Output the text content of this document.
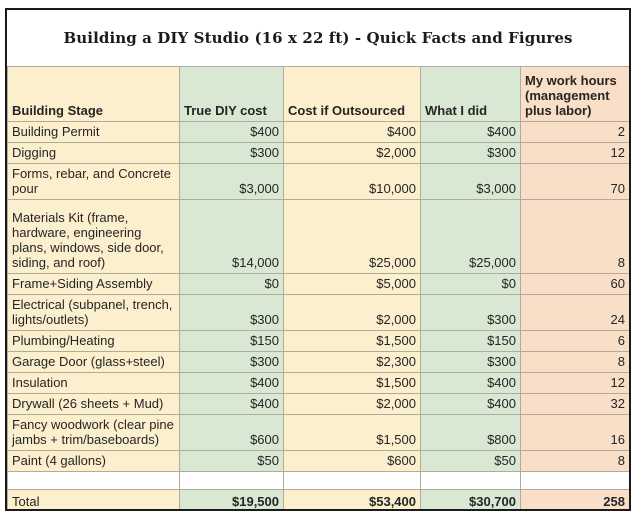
Building a DIY Studio (16 x 22 ft) - Quick Facts and Figures
Building Stage	True DIY cost	Cost if Outsourced	What I did	My work hours (management plus labor)
Building Permit	$400	$400	$400	2
Digging	$300	$2,000	$300	12
Forms, rebar, and Concrete pour	$3,000	$10,000	$3,000	70
Materials Kit (frame, hardware, engineering plans, windows, side door, siding, and roof)	$14,000	$25,000	$25,000	8
Frame+Siding Assembly	$0	$5,000	$0	60
Electrical (subpanel, trench, lights/outlets)	$300	$2,000	$300	24
Plumbing/Heating	$150	$1,500	$150	6
Garage Door (glass+steel)	$300	$2,300	$300	8
Insulation	$400	$1,500	$400	12
Drywall (26 sheets + Mud)	$400	$2,000	$400	32
Fancy woodwork (clear pine jambs + trim/baseboards)	$600	$1,500	$800	16
Paint (4 gallons)	$50	$600	$50	8

Total	$19,500	$53,400	$30,700	258
